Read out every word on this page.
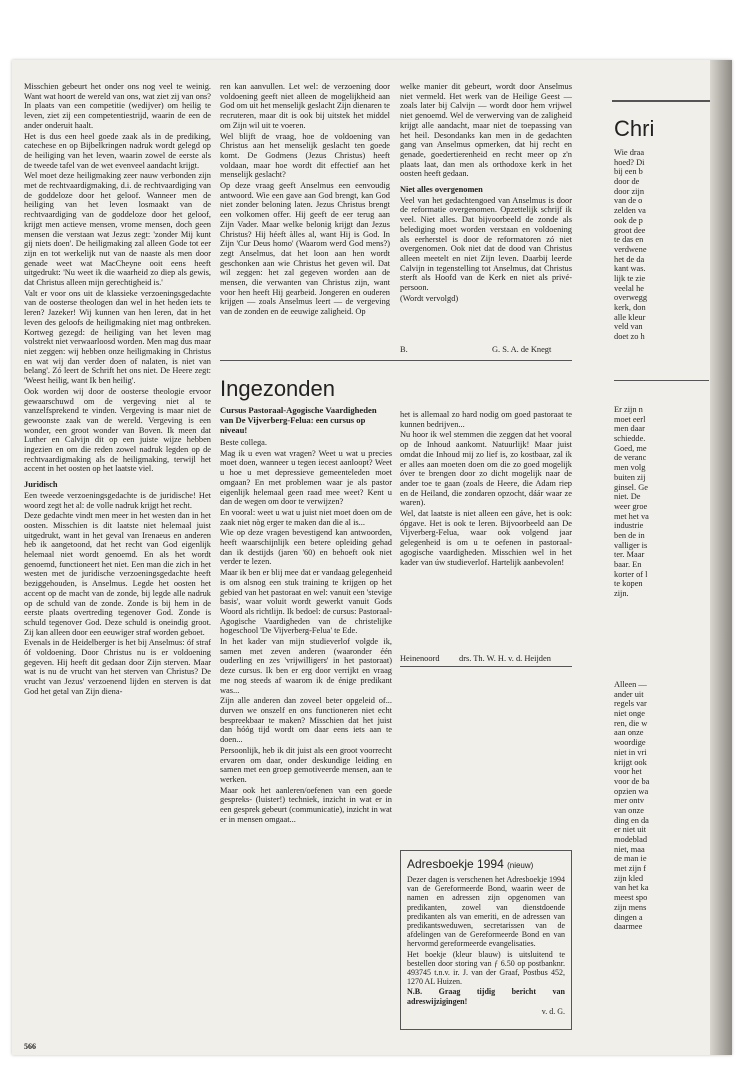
Misschien gebeurt het onder ons nog veel te weinig. Want wat hoort de wereld van ons, wat ziet zij van ons? In plaats van een competitie (wedijver) om heilig te leven, ziet zij een competentiestrijd, waarin de een de ander onderuit haalt.

Het is dus een heel goede zaak als in de prediking, catechese en op Bijbelkringen nadruk wordt gelegd op de heiliging van het leven, waarin zowel de eerste als de tweede tafel van de wet evenveel aandacht krijgt.

Wel moet deze heiligmaking zeer nauw verbonden zijn met de rechtvaardigmaking, d.i. de rechtvaardiging van de goddeloze door het geloof. Wanneer men de heiliging van het leven losmaakt van de rechtvaardiging van de goddeloze door het geloof, krijgt men actieve mensen, vrome mensen, doch geen mensen die verstaan wat Jezus zegt: 'zonder Mij kunt gij niets doen'. De heiligmaking zal alleen Gode tot eer zijn en tot werkelijk nut van de naaste als men door genade weet wat MacCheyne ooit eens heeft uitgedrukt: 'Nu weet ik die waarheid zo diep als gewis, dat Christus alleen mijn gerechtigheid is.'

Valt er voor ons uit de klassieke verzoeningsgedachte van de oosterse theologen dan wel in het heden iets te leren? Jazeker! Wij kunnen van hen leren, dat in het leven des geloofs de heiligmaking niet mag ontbreken. Kortweg gezegd: de heiliging van het leven mag volstrekt niet verwaarloosd worden. Men mag dus maar niet zeggen: wij hebben onze heiligmaking in Christus en wat wij dan verder doen of nalaten, is niet van belang'. Zó leert de Schrift het ons niet. De Heere zegt: 'Weest heilig, want Ik ben heilig'.

Ook worden wij door de oosterse theologie ervoor gewaarschuwd om de vergeving niet al te vanzelfsprekend te vinden. Vergeving is maar niet de gewoonste zaak van de wereld. Vergeving is een wonder, een groot wonder van Boven. Ik meen dat Luther en Calvijn dit op een juiste wijze hebben ingezien en om die reden zowel nadruk legden op de rechtvaardigmaking als de heiligmaking, terwijl het accent in het oosten op het laatste viel.

Juridisch

Een tweede verzoeningsgedachte is de juridische! Het woord zegt het al: de volle nadruk krijgt het recht.

Deze gedachte vindt men meer in het westen dan in het oosten. Misschien is dit laatste niet helemaal juist uitgedrukt, want in het geval van Irenaeus en anderen heb ik aangetoond, dat het recht van God eigenlijk helemaal niet wordt genoemd. En als het wordt genoemd, functioneert het niet. Een man die zich in het westen met de juridische verzoeningsgedachte heeft beziggehouden, is Anselmus. Legde het oosten het accent op de macht van de zonde, bij legde alle nadruk op de schuld van de zonde. Zonde is bij hem in de eerste plaats overtreding tegenover God. Zonde is schuld tegenover God. Deze schuld is oneindig groot. Zij kan alleen door een eeuwiger straf worden geboet.

Evenals in de Heidelberger is het bij Anselmus: óf straf óf voldoening. Door Christus nu is er voldoening gegeven. Hij heeft dit gedaan door Zijn sterven. Maar wat is nu de vrucht van het sterven van Christus? De vrucht van Jezus' verzoenend lijden en sterven is dat God het getal van Zijn diena-

ren kan aanvullen. Let wel: de verzoening door voldoening geeft niet alleen de mogelijkheid aan God om uit het menselijk geslacht Zijn dienaren te recruteren, maar dit is ook bij uitstek het middel om Zijn wil uit te voeren.

Wel blijft de vraag, hoe de voldoening van Christus aan het menselijk geslacht ten goede komt. De Godmens (Jezus Christus) heeft voldaan, maar hoe wordt dit effectief aan het menselijk geslacht?

Op deze vraag geeft Anselmus een eenvoudig antwoord. Wie een gave aan God brengt, kan God niet zonder beloning laten. Jezus Christus brengt een volkomen offer. Hij geeft de eer terug aan Zijn Vader. Maar welke belonig krijgt dan Jezus Christus? Hij héeft àlles al, want Hij is God. In Zijn 'Cur Deus homo' (Waarom werd God mens?) zegt Anselmus, dat het loon aan hen wordt geschonken aan wie Christus het geven wil. Dat wil zeggen: het zal gegeven worden aan de mensen, die verwanten van Christus zijn, want voor hen heeft Hij gearbeid. Jongeren en ouderen krijgen — zoals Anselmus leert — de vergeving van de zonden en de eeuwige zaligheid. Op

welke manier dit gebeurt, wordt door Anselmus niet vermeld. Het werk van de Heilige Geest — zoals later bij Calvijn — wordt door hem vrijwel niet genoemd. Wel de verwerving van de zaligheid krijgt alle aandacht, maar niet de toepassing van het heil. Desondanks kan men in de gedachten gang van Anselmus opmerken, dat hij recht en genade, goedertierenheid en recht meer op z'n plaats laat, dan men als orthodoxe kerk in het oosten heeft gedaan.

Niet alles overgenomen

Veel van het gedachtengoed van Anselmus is door de reformatie overgenomen. Opzettelijk schrijf ik veel. Niet alles. Dat bijvoorbeeld de zonde als belediging moet worden verstaan en voldoening als eerherstel is door de reformatoren zó niet overgenomen. Ook niet dat de dood van Christus alleen meetelt en niet Zijn leven. Daarbij leerde Calvijn in tegenstelling tot Anselmus, dat Christus sterft als Hoofd van de Kerk en niet als privé-persoon.

(Wordt vervolgd)

B.	G. S. A. de Knegt
Ingezonden
Cursus Pastoraal-Agogische Vaardigheden van De Vijverberg-Felua: een cursus op niveau!

Beste collega.

Mag ik u even wat vragen? Weet u wat u precies moet doen, wanneer u tegen iecest aanloopt? Weet u hoe u met depressieve gemeenteleden moet omgaan? En met problemen waar je als pastor eigenlijk helemaal geen raad mee weet? Kent u dan de wegen om door te verwijzen?

En vooral: weet u wat u juist niet moet doen om de zaak niet nòg erger te maken dan die al is...

Wie op deze vragen bevestigend kan antwoorden, heeft waarschijnlijk een betere opleiding gehad dan ik destijds (jaren '60) en behoeft ook niet verder te lezen.

Maar ik ben er blij mee dat er vandaag gelegenheid is om alsnog een stuk training te krijgen op het gebied van het pastoraat en wel: vanuit een 'stevige basis', waar voluit wordt gewerkt vanuit Gods Woord als richtlijn. Ik bedoel: de cursus: Pastoraal-Agogische Vaardigheden van de christelijke hogeschool 'De Vijverberg-Felua' te Ede.

In het kader van mijn studieverlof volgde ik, samen met zeven anderen (waaronder één ouderling en zes 'vrijwilligers' in het pastoraat) deze cursus. Ik ben er erg door verrijkt en vraag me nog steeds af waarom ik de énige predikant was...

Zijn alle anderen dan zoveel beter opgeleid of... durven we onszelf en ons functioneren niet echt bespreekbaar te maken? Misschien dat het juist dan hóóg tijd wordt om daar eens iets aan te doen...

Persoonlijk, heb ik dit juist als een groot voorrecht ervaren om daar, onder deskundige leiding en samen met een groep gemotiveerde mensen, aan te werken.

Maar ook het aanleren/oefenen van een goede gespreks- (luister!) techniek, inzicht in wat er in een gesprek gebeurt (communicatie), inzicht in wat er in mensen omgaat...

het is allemaal zo hard nodig om goed pastoraat te kunnen bedrijven...

Nu hoor ik wel stemmen die zeggen dat het vooral op de Inhoud aankomt. Natuurlijk! Maar juist omdat die Inhoud mij zo lief is, zo kostbaar, zal ik er alles aan moeten doen om die zo goed mogelijk óver te brengen door zo dicht mogelijk naar de ander toe te gaan (zoals de Heere, die Adam riep en de Heiland, die zondaren opzocht, dáár waar ze waren).

Wel, dat laatste is niet alleen een gáve, het is ook: ópgave. Het is ook te leren. Bijvoorbeeld aan De Vijverberg-Felua, waar ook volgend jaar gelegenheid is om u te oefenen in pastoraal-agogische vaardigheden. Misschien wel in het kader van úw studieverlof. Hartelijk aanbevolen!

Heinenoord drs. Th. W. H. v. d. Heijden
Adresboekje 1994 (nieuw)

Dezer dagen is verschenen het Adresboekje 1994 van de Gereformeerde Bond, waarin weer de namen en adressen zijn opgenomen van predikanten, zowel van dienstdoende predikanten als van emeriti, en de adressen van predikantsweduwen, secretarissen van de afdelingen van de Gereformeerde Bond en van hervormd gereformeerde evangelisaties.

Het boekje (kleur blauw) is uitsluitend te bestellen door storing van ƒ 6.50 op postbanknr. 493745 t.n.v. ir. J. van der Graaf, Postbus 452, 1270 AL Huizen.

N.B. Graag tijdig bericht van adreswijzigingen!

v. d. G.

566
Chri
Wie draa
hoed? Di
bij een b
door de
door zijn
van de o
zelden va
ook de p
groot dee
te das en
verdwene
het de da
kant was.
lijk te zie
veelal he
overwegg
kerk, don
alle kleur
veld van
doet zo h
Er zijn n
moet eerl
men daar
schiedde.
Goed, me
de veranc
men volg
buiten zij
ginsel. Ge
niet. De
weer groe
met het va
industrie
ben de in
valliger is
ter. Maar
baar. En
korter of l
te kopen
zijn.
Alleen —
ander uit
regels var
niet onge
ren, die w
aan onze
woordige
niet in vri
krijgt ook
voor het
voor de ba
opzien wa
mer ontv
van onze
ding en da
er niet uit
modeblad
niet, maa
de man ie
met zijn f
zijn kled
van het ka
meest spo
zijn mens
dingen a
daarmee
